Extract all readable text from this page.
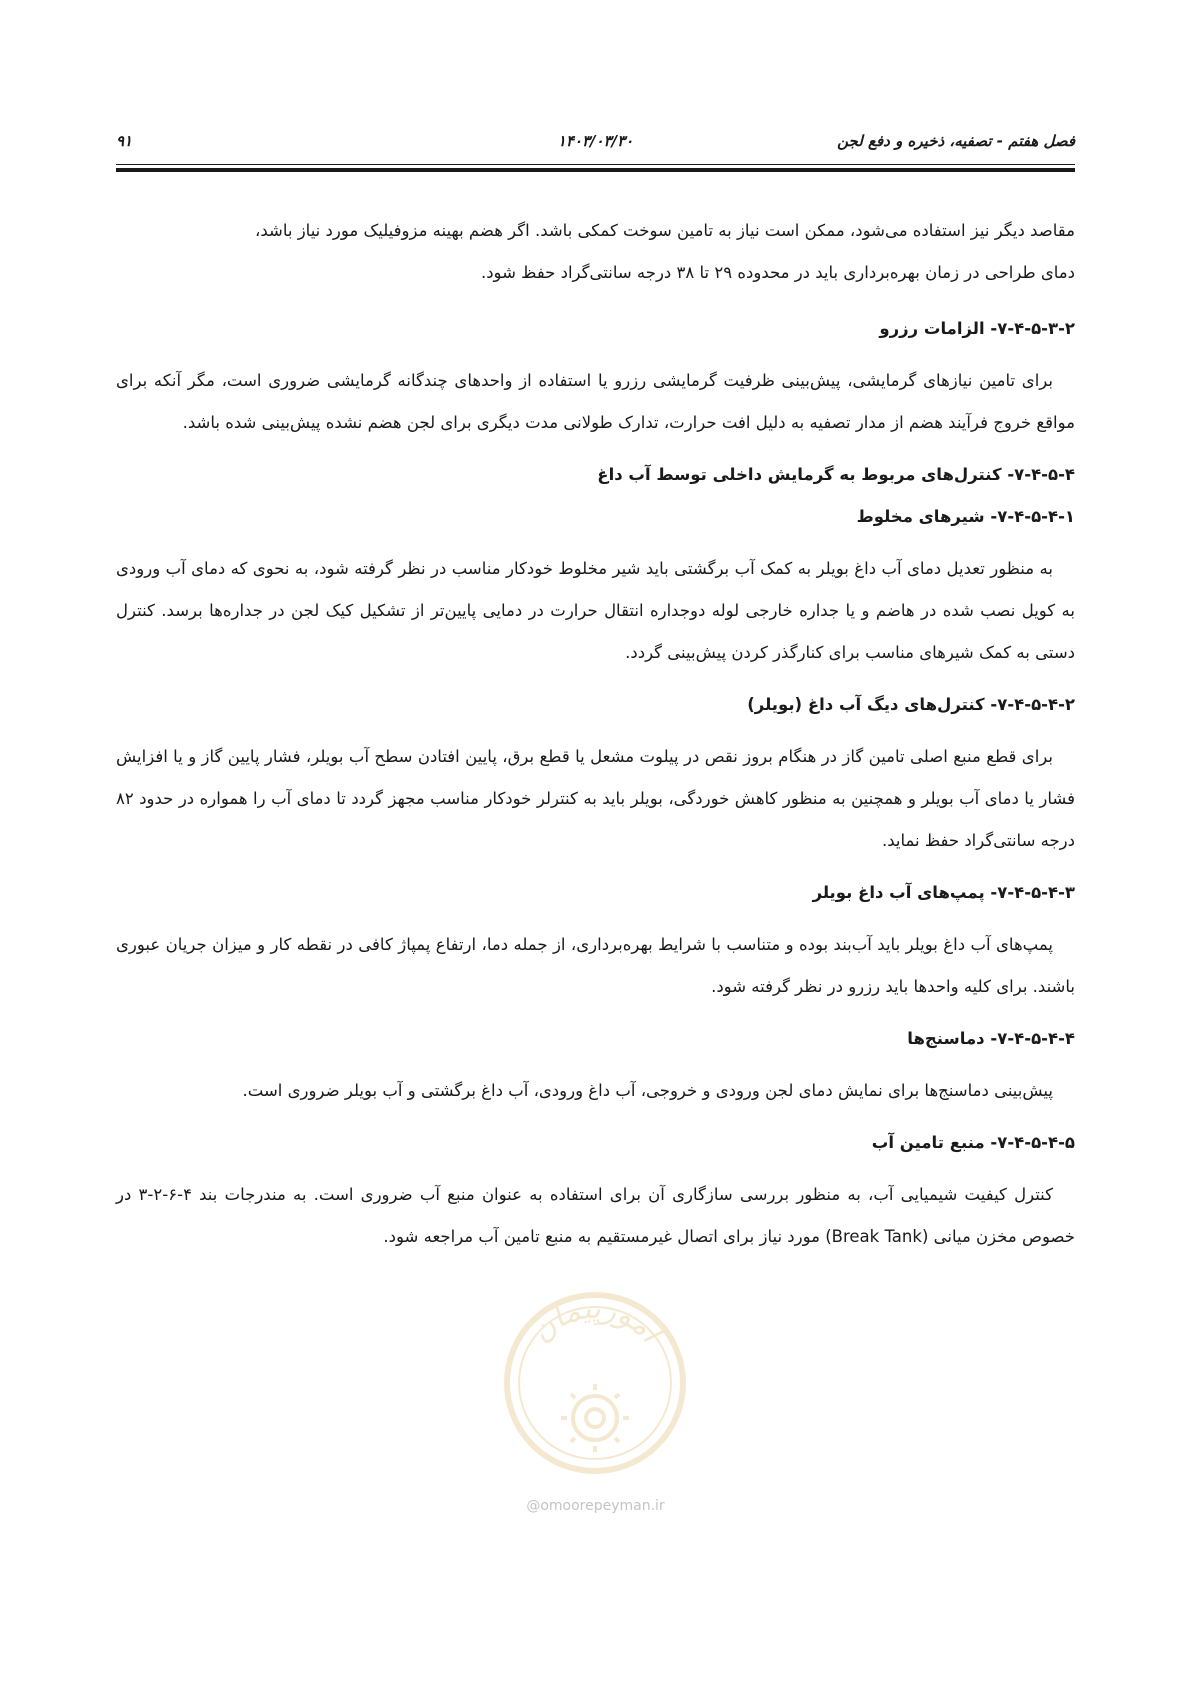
فصل هفتم - تصفیه، ذخیره و دفع لجن
۱۴۰۳/۰۳/۳۰
۹۱

مقاصد دیگر نیز استفاده می‌شود، ممکن است نیاز به تامین سوخت کمکی باشد. اگر هضم بهینه مزوفیلیک مورد نیاز باشد،

دمای طراحی در زمان بهره‌برداری باید در محدوده ۲۹ تا ۳۸ درجه سانتی‌گراد حفظ شود.

۷-۴-۵-۳-۲- الزامات رزرو

برای تامین نیازهای گرمایشی، پیش‌بینی ظرفیت گرمایشی رزرو یا استفاده از واحدهای چندگانه گرمایشی ضروری است، مگر آنکه برای مواقع خروج فرآیند هضم از مدار تصفیه به دلیل افت حرارت، تدارک طولانی مدت دیگری برای لجن هضم نشده پیش‌بینی شده باشد.

۷-۴-۵-۴- کنترل‌های مربوط به گرمایش داخلی توسط آب داغ
۷-۴-۵-۴-۱- شیرهای مخلوط

به منظور تعدیل دمای آب داغ بویلر به کمک آب برگشتی باید شیر مخلوط خودکار مناسب در نظر گرفته شود، به نحوی که دمای آب ورودی به کویل نصب شده در هاضم و یا جداره خارجی لوله دوجداره انتقال حرارت در دمایی پایین‌تر از تشکیل کیک لجن در جداره‌ها برسد. کنترل دستی به کمک شیرهای مناسب برای کنارگذر کردن پیش‌بینی گردد.

۷-۴-۵-۴-۲- کنترل‌های دیگ آب داغ (بویلر)

برای قطع منبع اصلی تامین گاز در هنگام بروز نقص در پیلوت مشعل یا قطع برق، پایین افتادن سطح آب بویلر، فشار پایین گاز و یا افزایش فشار یا دمای آب بویلر و همچنین به منظور کاهش خوردگی، بویلر باید به کنترلر خودکار مناسب مجهز گردد تا دمای آب را همواره در حدود ۸۲ درجه سانتی‌گراد حفظ نماید.

۷-۴-۵-۴-۳- پمپ‌های آب داغ بویلر

پمپ‌های آب داغ بویلر باید آب‌بند بوده و متناسب با شرایط بهره‌برداری، از جمله دما، ارتفاع پمپاژ کافی در نقطه کار و میزان جریان عبوری باشند. برای کلیه واحدها باید رزرو در نظر گرفته شود.

۷-۴-۵-۴-۴- دماسنج‌ها

پیش‌بینی دماسنج‌ها برای نمایش دمای لجن ورودی و خروجی، آب داغ ورودی، آب داغ برگشتی و آب بویلر ضروری است.

۷-۴-۵-۴-۵- منبع تامین آب

کنترل کیفیت شیمیایی آب، به منظور بررسی سازگاری آن برای استفاده به عنوان منبع آب ضروری است. به مندرجات بند ۴-۶-۲-۳ در خصوص مخزن میانی (Break Tank) مورد نیاز برای اتصال غیرمستقیم به منبع تامین آب مراجعه شود.

امورپیمان
@omoorepeyman.ir
